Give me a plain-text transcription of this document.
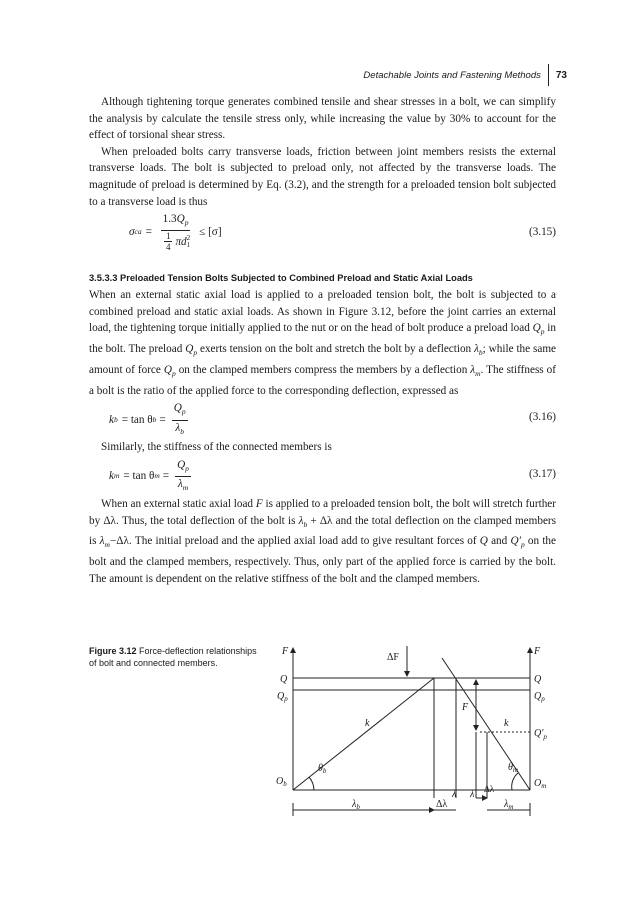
Detachable Joints and Fastening Methods 73

Although tightening torque generates combined tensile and shear stresses in a bolt, we can simplify the analysis by calculate the tensile stress only, while increasing the value by 30% to account for the effect of torsional shear stress.

When preloaded bolts carry transverse loads, friction between joint members resists the external transverse loads. The bolt is subjected to preload only, not affected by the transverse loads. The magnitude of preload is determined by Eq. (3.2), and the strength for a preloaded tension bolt subjected to a transverse load is thus

σ ca = $1.3Q_p$
$\frac{1}{4}$ πd 2
1 ≤ [σ]	(3.15)
3.5.3.3 Preloaded Tension Bolts Subjected to Combined Preload and Static Axial Loads

When an external static axial load is applied to a preloaded tension bolt, the bolt is subjected to a combined preload and static axial loads. As shown in Figure 3.12, before the joint carries an external load, the tightening torque initially applied to the nut or on the head of bolt produce a preload load $Q_p$ in the bolt. The preload $Q_p$ exerts tension on the bolt and stretch the bolt by a deflection $\lambda_b$; while the same amount of force $Q_p$ on the clamped members compress the members by a deflection $\lambda_m$. The stiffness of a bolt is the ratio of the applied force to the corresponding deflection, expressed as

k b = tan θ $b = \frac{Q_p}{\lambda_b}$	(3.16)

Similarly, the stiffness of the connected members is

k m = tan θ $m = \frac{Q_p}{\lambda_m}$	(3.17)

When an external static axial load F is applied to a preloaded tension bolt, the bolt will stretch further by Δλ. Thus, the total deflection of the bolt is $\lambda_b + \Delta\lambda$ and the total deflection on the clamped members is $\lambda_m-\Delta\lambda$. The initial preload and the applied axial load add to give resultant forces of Q and $Q'_p$ on the bolt and the clamped members, respectively. Thus, only part of the applied force is carried by the bolt. The amount is dependent on the relative stiffness of the bolt and the clamped members.

Figure 3.12 Force-deflection relationships of bolt and connected members.
F	F
Q	Q
$Q_p$	$Q_p$
$Q'_p$
ΔF
k	k
F
$O_b$	$O_m$
$\theta_b$	$\theta_m$
λ λ Δλ
$\lambda_b$	Δλ	$\lambda_m$
